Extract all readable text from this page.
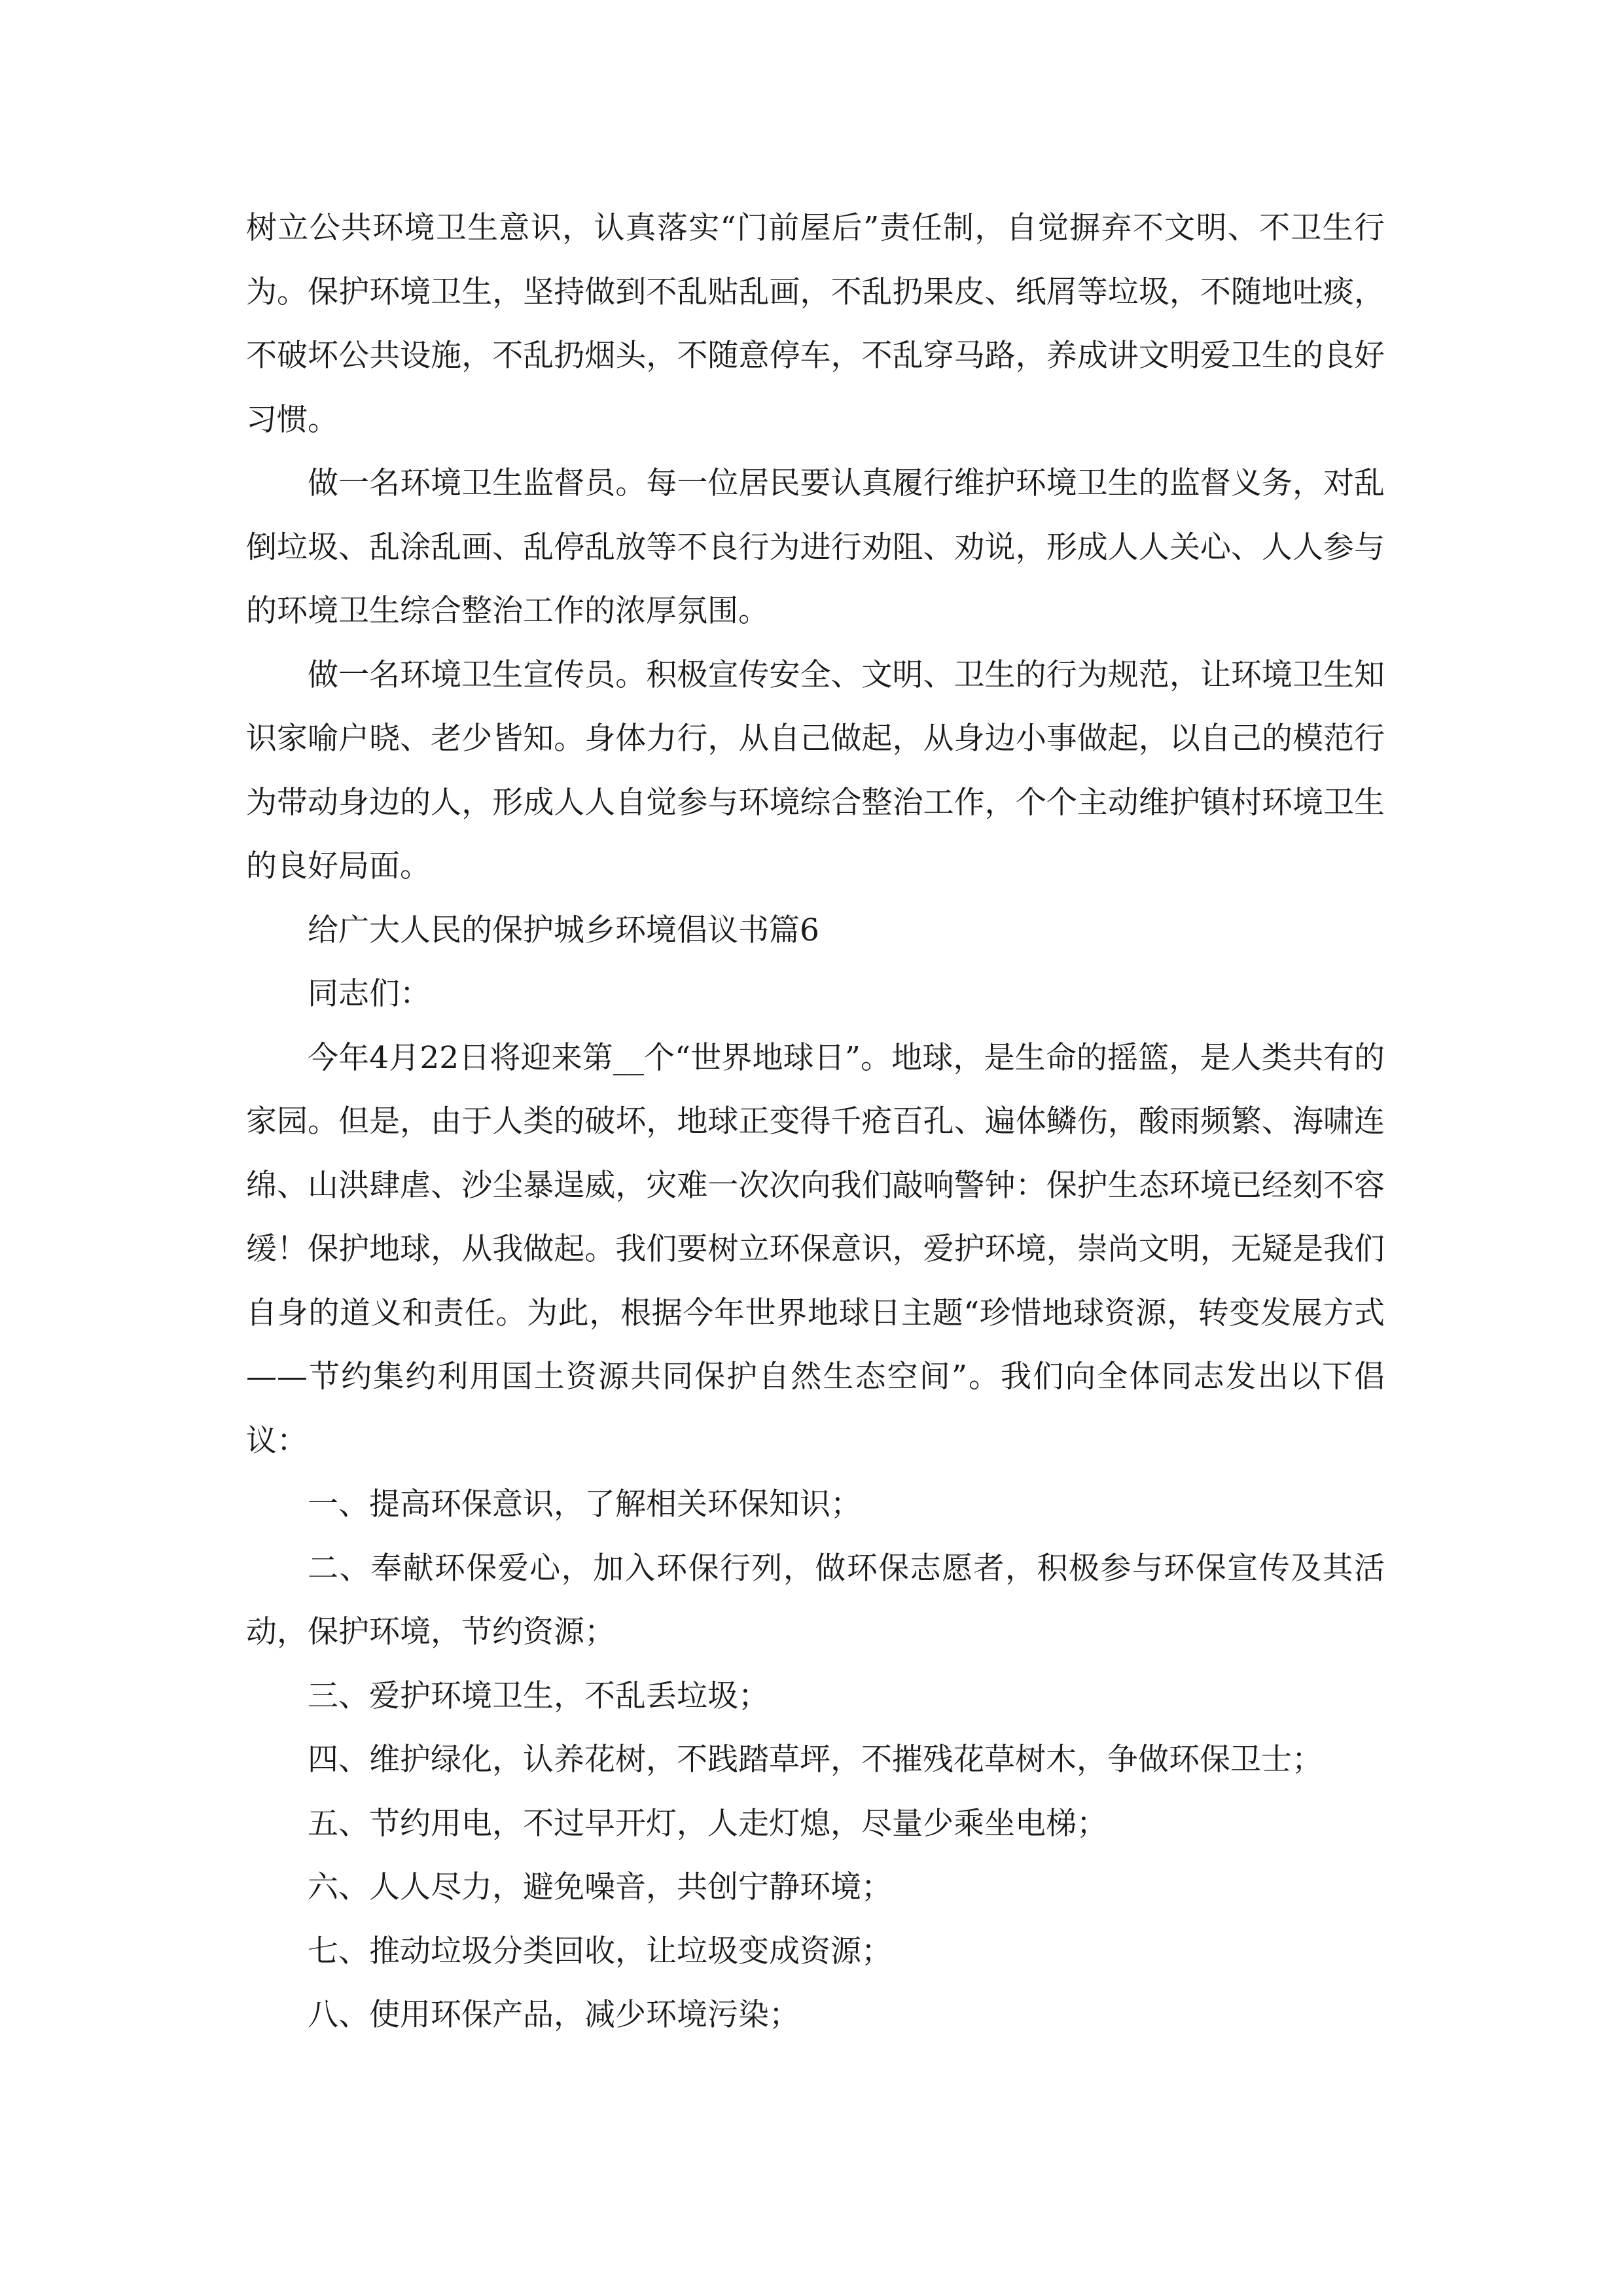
树立公共环境卫生意识，认真落实“门前屋后”责任制，自觉摒弃不文明、不卫生行为。保护环境卫生，坚持做到不乱贴乱画，不乱扔果皮、纸屑等垃圾，不随地吐痰，不破坏公共设施，不乱扔烟头，不随意停车，不乱穿马路，养成讲文明爱卫生的良好习惯。

做一名环境卫生监督员。每一位居民要认真履行维护环境卫生的监督义务，对乱倒垃圾、乱涂乱画、乱停乱放等不良行为进行劝阻、劝说，形成人人关心、人人参与的环境卫生综合整治工作的浓厚氛围。

做一名环境卫生宣传员。积极宣传安全、文明、卫生的行为规范，让环境卫生知识家喻户晓、老少皆知。身体力行，从自己做起，从身边小事做起，以自己的模范行为带动身边的人，形成人人自觉参与环境综合整治工作，个个主动维护镇村环境卫生的良好局面。

给广大人民的保护城乡环境倡议书篇6

同志们：

今年4月22日将迎来第__个“世界地球日”。地球，是生命的摇篮，是人类共有的家园。但是，由于人类的破坏，地球正变得千疮百孔、遍体鳞伤，酸雨频繁、海啸连绵、山洪肆虐、沙尘暴逞威，灾难一次次向我们敲响警钟：保护生态环境已经刻不容缓！保护地球，从我做起。我们要树立环保意识，爱护环境，崇尚文明，无疑是我们自身的道义和责任。为此，根据今年世界地球日主题“珍惜地球资源，转变发展方式——节约集约利用国土资源共同保护自然生态空间”。我们向全体同志发出以下倡议：

一、提高环保意识，了解相关环保知识；

二、奉献环保爱心，加入环保行列，做环保志愿者，积极参与环保宣传及其活动，保护环境，节约资源；

三、爱护环境卫生，不乱丢垃圾；

四、维护绿化，认养花树，不践踏草坪，不摧残花草树木，争做环保卫士；

五、节约用电，不过早开灯，人走灯熄，尽量少乘坐电梯；

六、人人尽力，避免噪音，共创宁静环境；

七、推动垃圾分类回收，让垃圾变成资源；

八、使用环保产品，减少环境污染；
